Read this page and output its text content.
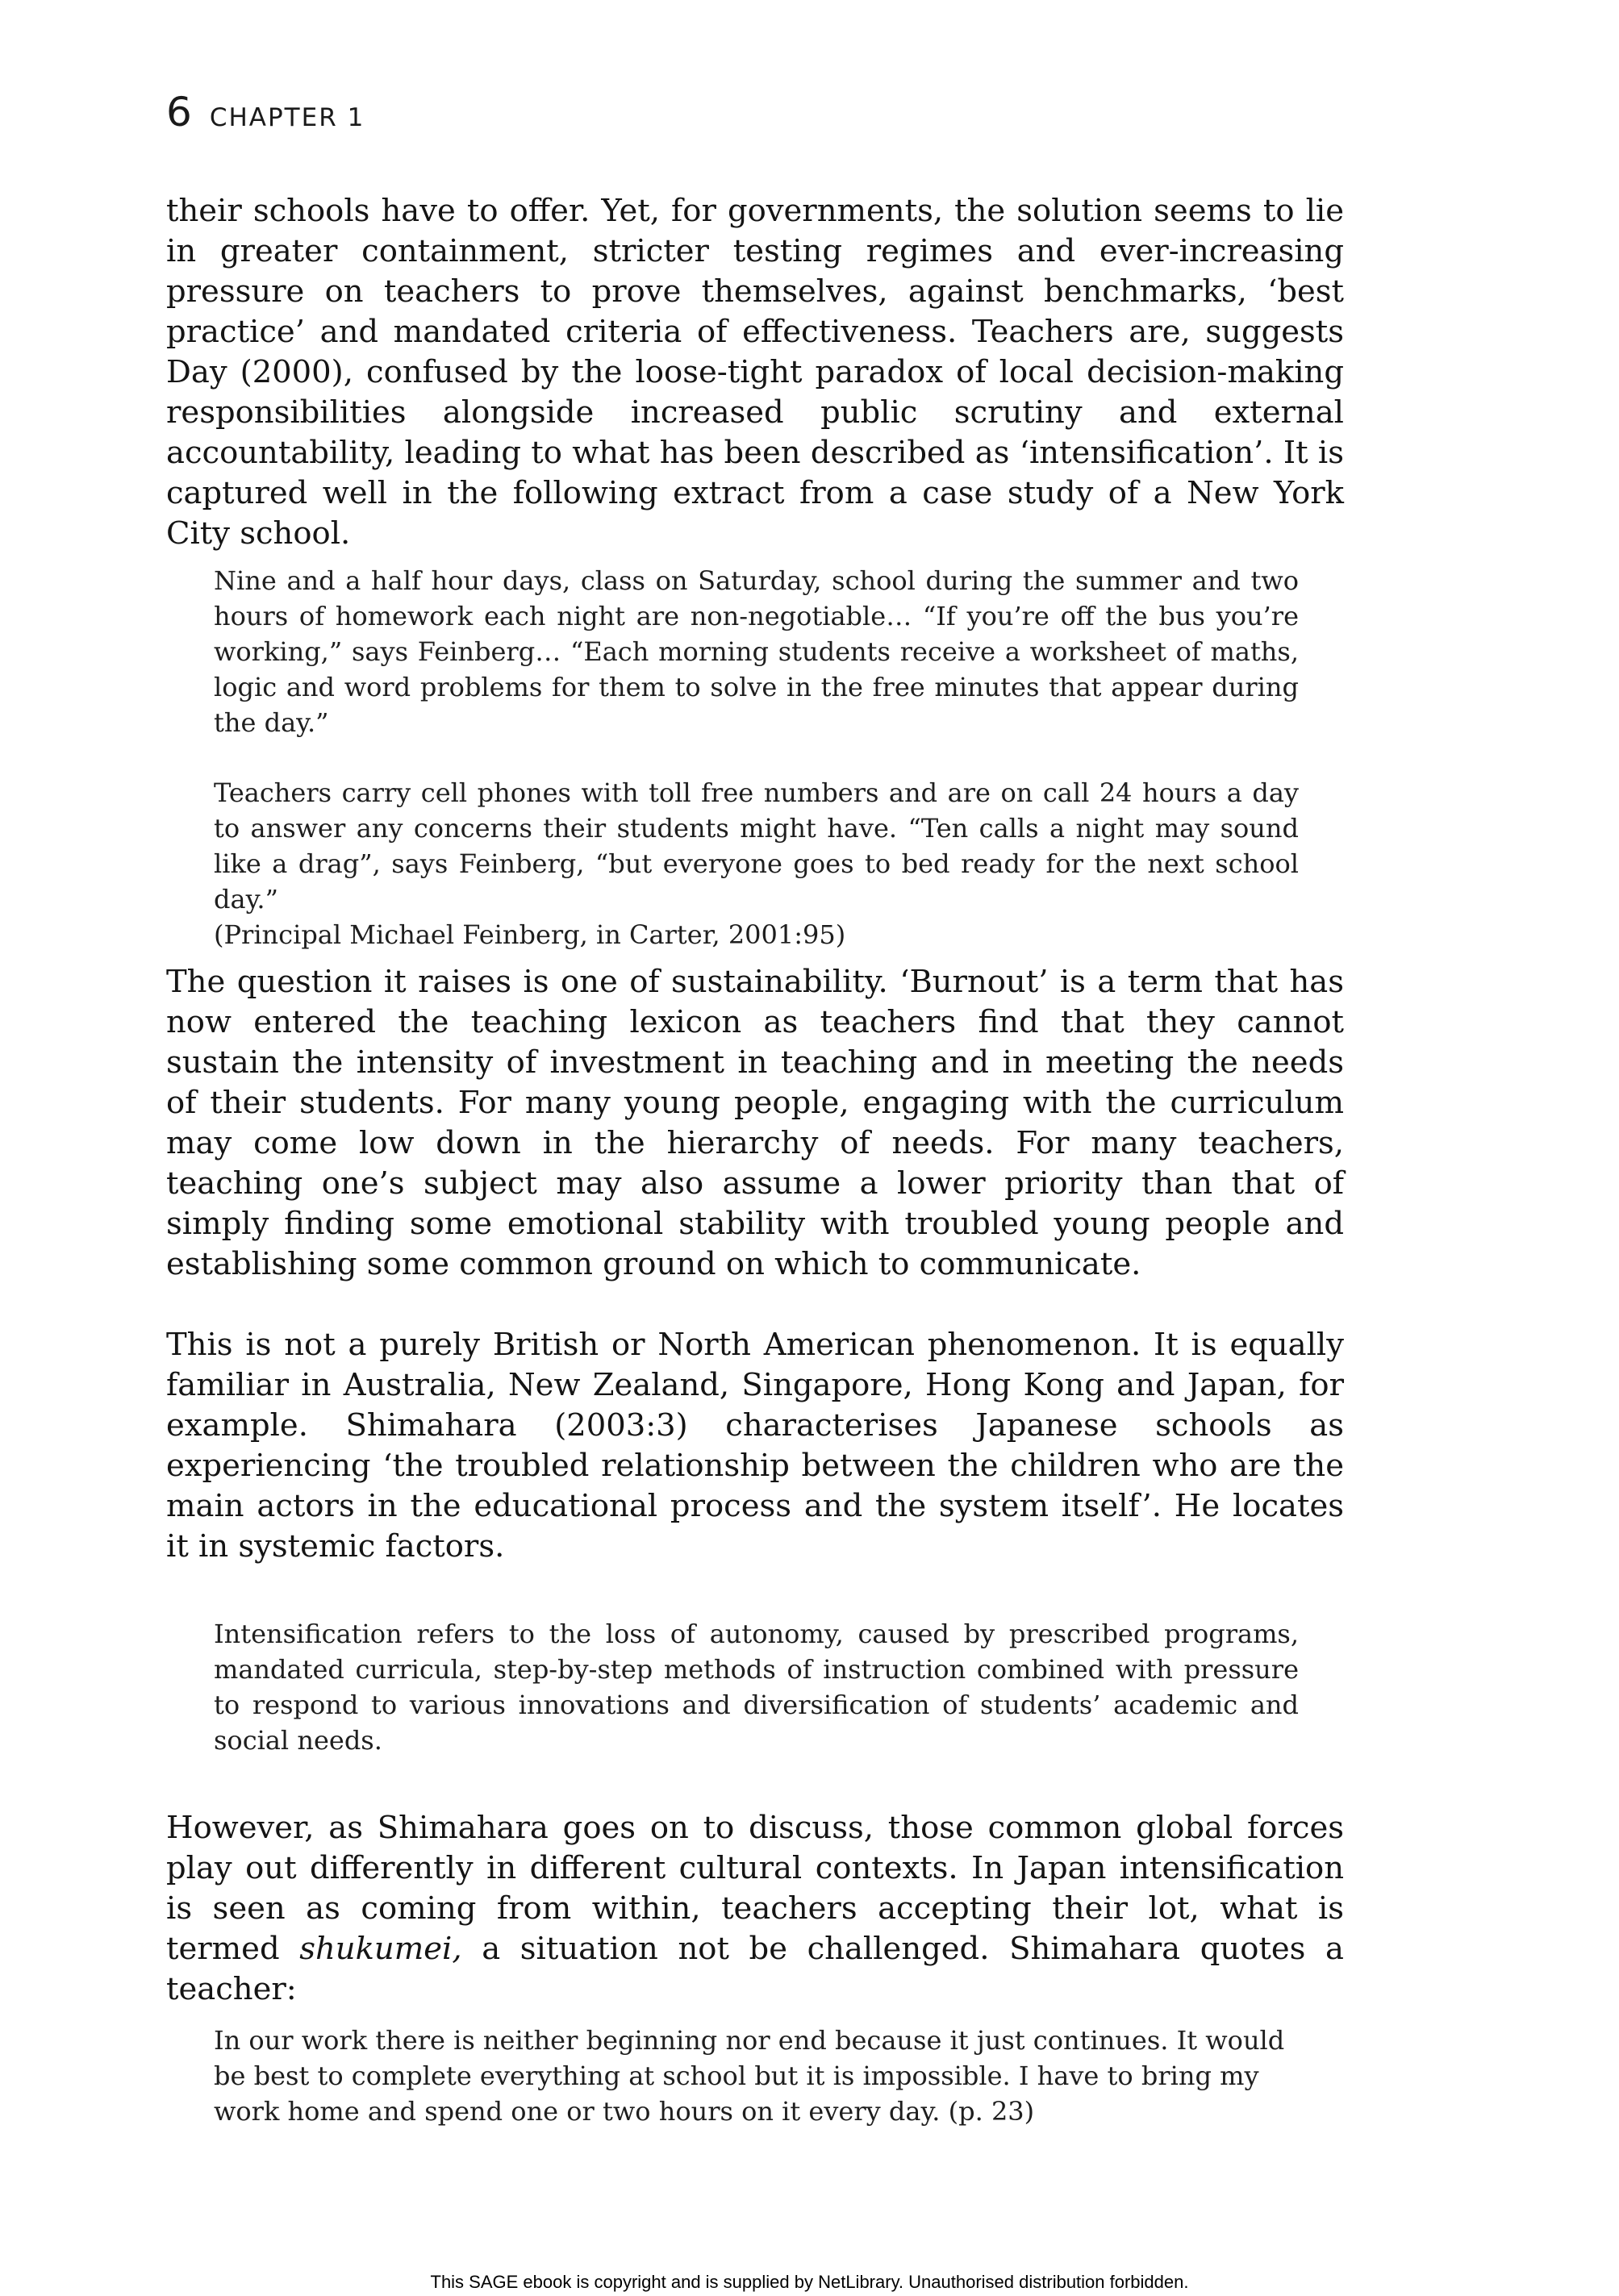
6 CHAPTER 1

their schools have to offer. Yet, for governments, the solution seems to lie in greater containment, stricter testing regimes and ever-increasing pressure on teachers to prove themselves, against benchmarks, ‘best practice’ and mandated criteria of effectiveness. Teachers are, suggests Day (2000), confused by the loose-tight paradox of local decision-making responsibilities alongside increased public scrutiny and external accountability, leading to what has been described as ‘intensification’. It is captured well in the following extract from a case study of a New York City school.

Nine and a half hour days, class on Saturday, school during the summer and two hours of homework each night are non-negotiable… “If you’re off the bus you’re working,” says Feinberg… “Each morning students receive a worksheet of maths, logic and word problems for them to solve in the free minutes that appear during the day.”

Teachers carry cell phones with toll free numbers and are on call 24 hours a day to answer any concerns their students might have. “Ten calls a night may sound like a drag”, says Feinberg, “but everyone goes to bed ready for the next school day.”
(Principal Michael Feinberg, in Carter, 2001:95)

The question it raises is one of sustainability. ‘Burnout’ is a term that has now entered the teaching lexicon as teachers find that they cannot sustain the intensity of investment in teaching and in meeting the needs of their students. For many young people, engaging with the curriculum may come low down in the hierarchy of needs. For many teachers, teaching one’s subject may also assume a lower priority than that of simply finding some emotional stability with troubled young people and establishing some common ground on which to communicate.

This is not a purely British or North American phenomenon. It is equally familiar in Australia, New Zealand, Singapore, Hong Kong and Japan, for example. Shimahara (2003:3) characterises Japanese schools as experiencing ‘the troubled relationship between the children who are the main actors in the educational process and the system itself’. He locates it in systemic factors.

Intensification refers to the loss of autonomy, caused by prescribed programs, mandated curricula, step-by-step methods of instruction combined with pressure to respond to various innovations and diversification of students’ academic and social needs.

However, as Shimahara goes on to discuss, those common global forces play out differently in different cultural contexts. In Japan intensification is seen as coming from within, teachers accepting their lot, what is termed shukumei, a situation not be challenged. Shimahara quotes a teacher:

In our work there is neither beginning nor end because it just continues. It would be best to complete everything at school but it is impossible. I have to bring my work home and spend one or two hours on it every day. (p. 23)

This SAGE ebook is copyright and is supplied by NetLibrary. Unauthorised distribution forbidden.
